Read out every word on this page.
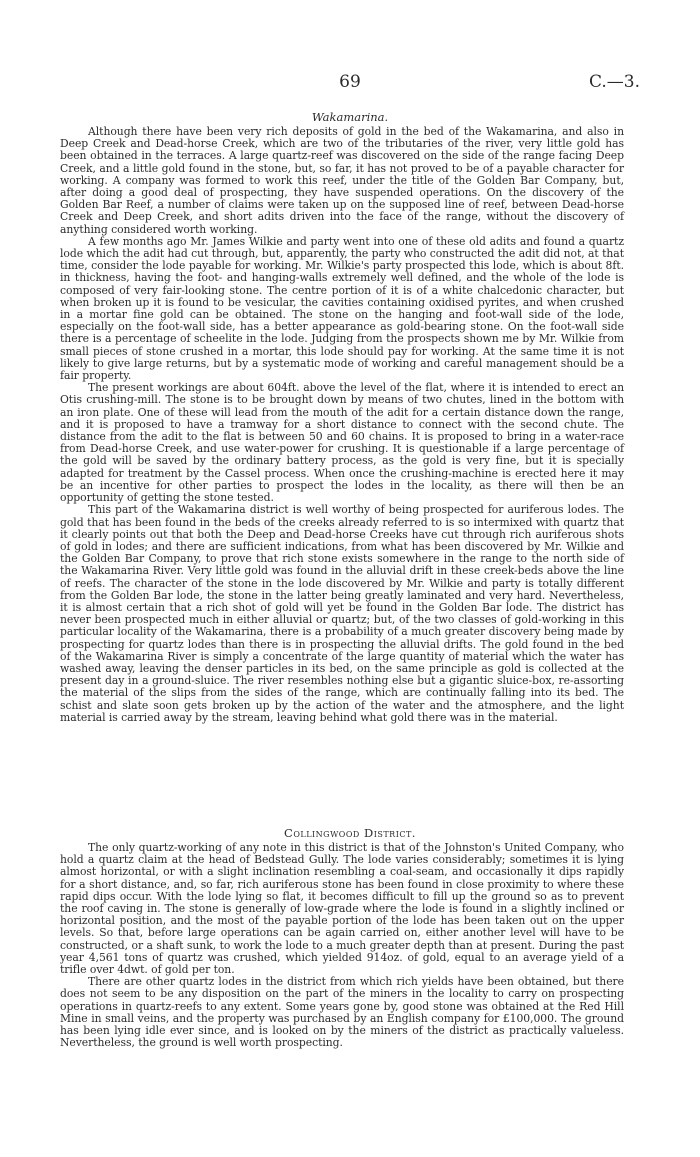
69	C.—3.
Wakamarina.

Although there have been very rich deposits of gold in the bed of the Wakamarina, and also in Deep Creek and Dead-horse Creek, which are two of the tributaries of the river, very little gold has been obtained in the terraces. A large quartz-reef was discovered on the side of the range facing Deep Creek, and a little gold found in the stone, but, so far, it has not proved to be of a payable character for working. A company was formed to work this reef, under the title of the Golden Bar Company, but, after doing a good deal of prospecting, they have suspended operations. On the discovery of the Golden Bar Reef, a number of claims were taken up on the supposed line of reef, between Dead-horse Creek and Deep Creek, and short adits driven into the face of the range, without the discovery of anything considered worth working.

A few months ago Mr. James Wilkie and party went into one of these old adits and found a quartz lode which the adit had cut through, but, apparently, the party who constructed the adit did not, at that time, consider the lode payable for working. Mr. Wilkie's party prospected this lode, which is about 8ft. in thickness, having the foot- and hanging-walls extremely well defined, and the whole of the lode is composed of very fair-looking stone. The centre portion of it is of a white chalcedonic character, but when broken up it is found to be vesicular, the cavities containing oxidised pyrites, and when crushed in a mortar fine gold can be obtained. The stone on the hanging and foot-wall side of the lode, especially on the foot-wall side, has a better appearance as gold-bearing stone. On the foot-wall side there is a percentage of scheelite in the lode. Judging from the prospects shown me by Mr. Wilkie from small pieces of stone crushed in a mortar, this lode should pay for working. At the same time it is not likely to give large returns, but by a systematic mode of working and careful management should be a fair property.

The present workings are about 604ft. above the level of the flat, where it is intended to erect an Otis crushing-mill. The stone is to be brought down by means of two chutes, lined in the bottom with an iron plate. One of these will lead from the mouth of the adit for a certain distance down the range, and it is proposed to have a tramway for a short distance to connect with the second chute. The distance from the adit to the flat is between 50 and 60 chains. It is proposed to bring in a water-race from Dead-horse Creek, and use water-power for crushing. It is questionable if a large percentage of the gold will be saved by the ordinary battery process, as the gold is very fine, but it is specially adapted for treatment by the Cassel process. When once the crushing-machine is erected here it may be an incentive for other parties to prospect the lodes in the locality, as there will then be an opportunity of getting the stone tested.

This part of the Wakamarina district is well worthy of being prospected for auriferous lodes. The gold that has been found in the beds of the creeks already referred to is so intermixed with quartz that it clearly points out that both the Deep and Dead-horse Creeks have cut through rich auriferous shots of gold in lodes; and there are sufficient indications, from what has been discovered by Mr. Wilkie and the Golden Bar Company, to prove that rich stone exists somewhere in the range to the north side of the Wakamarina River. Very little gold was found in the alluvial drift in these creek-beds above the line of reefs. The character of the stone in the lode discovered by Mr. Wilkie and party is totally different from the Golden Bar lode, the stone in the latter being greatly laminated and very hard. Nevertheless, it is almost certain that a rich shot of gold will yet be found in the Golden Bar lode. The district has never been prospected much in either alluvial or quartz; but, of the two classes of gold-working in this particular locality of the Wakamarina, there is a probability of a much greater discovery being made by prospecting for quartz lodes than there is in prospecting the alluvial drifts. The gold found in the bed of the Wakamarina River is simply a concentrate of the large quantity of material which the water has washed away, leaving the denser particles in its bed, on the same principle as gold is collected at the present day in a ground-sluice. The river resembles nothing else but a gigantic sluice-box, re-assorting the material of the slips from the sides of the range, which are continually falling into its bed. The schist and slate soon gets broken up by the action of the water and the atmosphere, and the light material is carried away by the stream, leaving behind what gold there was in the material.

Collingwood District.

The only quartz-working of any note in this district is that of the Johnston's United Company, who hold a quartz claim at the head of Bedstead Gully. The lode varies considerably; sometimes it is lying almost horizontal, or with a slight inclination resembling a coal-seam, and occasionally it dips rapidly for a short distance, and, so far, rich auriferous stone has been found in close proximity to where these rapid dips occur. With the lode lying so flat, it becomes difficult to fill up the ground so as to prevent the roof caving in. The stone is generally of low-grade where the lode is found in a slightly inclined or horizontal position, and the most of the payable portion of the lode has been taken out on the upper levels. So that, before large operations can be again carried on, either another level will have to be constructed, or a shaft sunk, to work the lode to a much greater depth than at present. During the past year 4,561 tons of quartz was crushed, which yielded 914oz. of gold, equal to an average yield of a trifle over 4dwt. of gold per ton.

There are other quartz lodes in the district from which rich yields have been obtained, but there does not seem to be any disposition on the part of the miners in the locality to carry on prospecting operations in quartz-reefs to any extent. Some years gone by, good stone was obtained at the Red Hill Mine in small veins, and the property was purchased by an English company for £100,000. The ground has been lying idle ever since, and is looked on by the miners of the district as practically valueless. Nevertheless, the ground is well worth prospecting.
